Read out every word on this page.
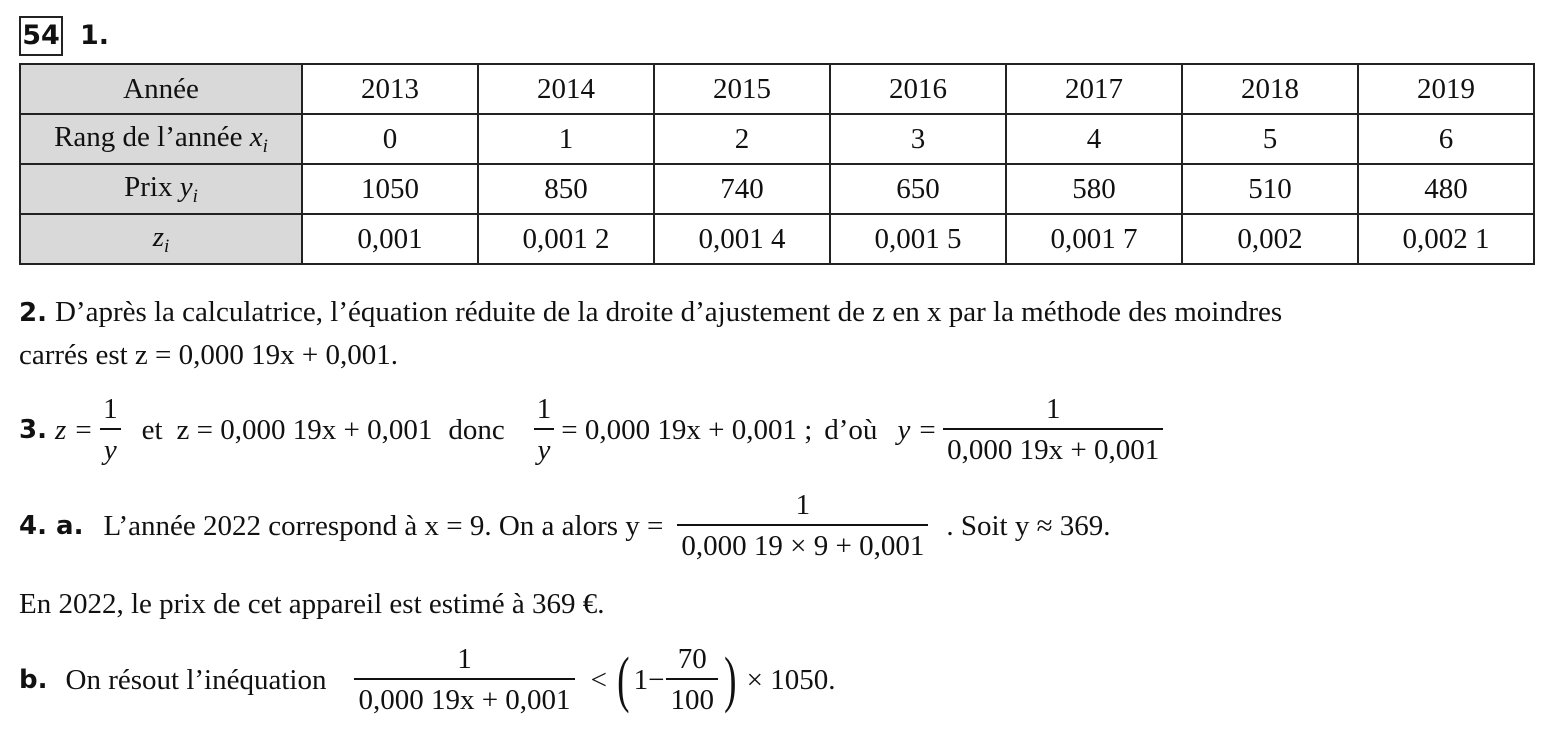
54 1.
Année	2013	2014	2015	2016	2017	2018	2019
Rang de l’année $x_i$	0	1	2	3	4	5	6
Prix $y_i$	1050	850	740	650	580	510	480
$z_i$	0,001	0,001 2	0,001 4	0,001 5	0,001 7	0,002	0,002 1
2. D’après la calculatrice, l’équation réduite de la droite d’ajustement de z en x par la méthode des moindres
carrés est z = 0,000 19x + 0,001.
3. $z = \frac{1}{y}$ et z = 0,000 19x + 0,001 donc $\frac{1}{y} = 0,000$ 19x + 0,001 ; d’où $y = \frac{1}{0,000 19x + 0,001}$
4. a. L’année 2022 correspond à x = 9. On a alors $y = \frac{1}{0,000 19 \times 9 + 0,001}$ . Soit y ≈ 369.
En 2022, le prix de cet appareil est estimé à 369 €.
b. On résout l’inéquation $\frac{1}{0,000 19x + 0,001}$ < ( $1- \frac{70}{100}$ ) × 1050.
